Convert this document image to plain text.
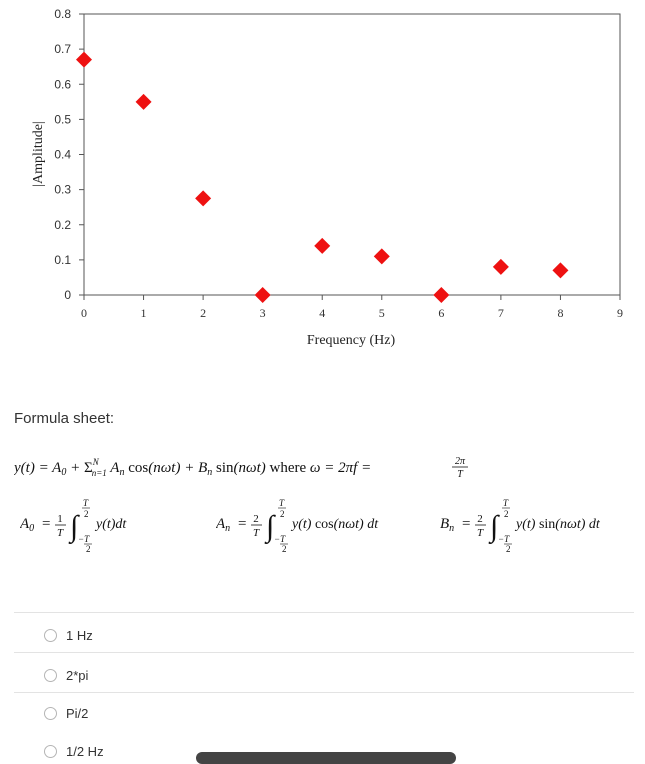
0	1	2	3	4	5	6	7	8	9
0
0.1
0.2
0.3
0.4
0.5
0.6
0.7
0.8
Frequency (Hz)
|Amplitude|
Formula sheet:
$y(t) = A_0 + \Sigma^N$ n=1 $A_n$ $\cos(n\omega t) + B_n$ sin(nωt) where ω = 2πf =	2π
T
$A_0 = 1$
T ∫
T
2
−T
2
y(t)dt	$A_n = 2$
T ∫
T
2
−T
2
y(t) cos(nωt) dt	$B_n = 2$
T ∫
T
2
−T
2
y(t) sin(nωt) dt
1 Hz
2*pi
Pi/2
1/2 Hz
